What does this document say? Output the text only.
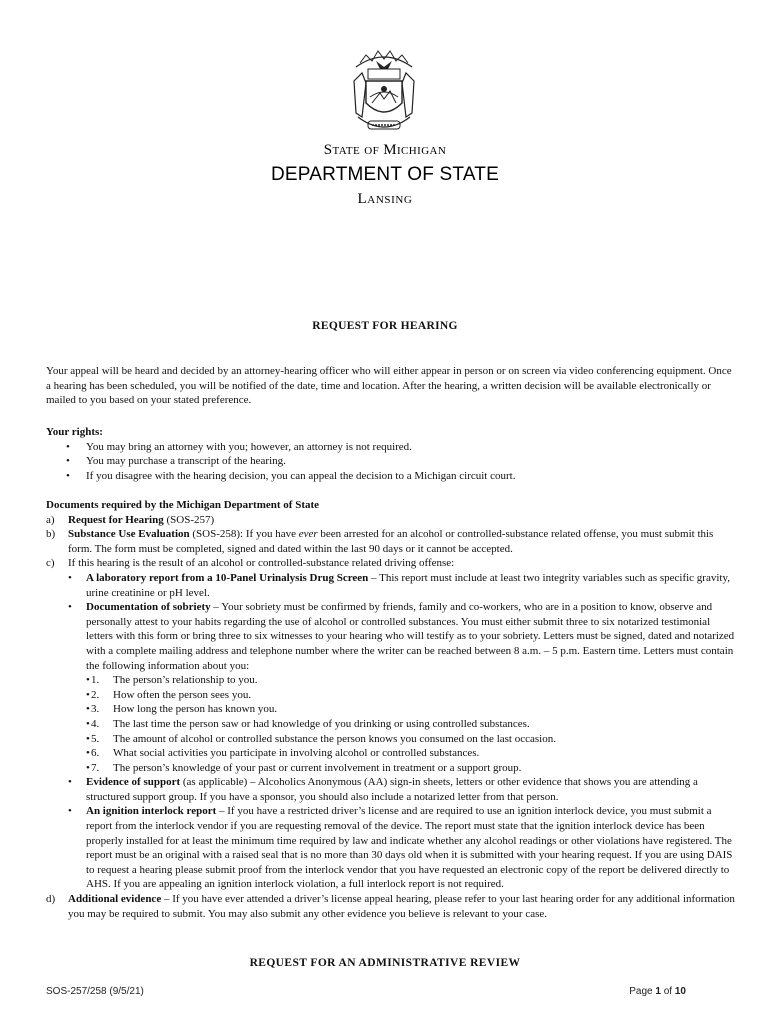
State of Michigan
DEPARTMENT OF STATE
Lansing
REQUEST FOR HEARING

Your appeal will be heard and decided by an attorney-hearing officer who will either appear in person or on screen via video conferencing equipment. Once a hearing has been scheduled, you will be notified of the date, time and location. After the hearing, a written decision will be available electronically or mailed to you based on your stated preference.

Your rights:

• You may bring an attorney with you; however, an attorney is not required.
• You may purchase a transcript of the hearing.
• If you disagree with the hearing decision, you can appeal the decision to a Michigan circuit court.

Documents required by the Michigan Department of State

a) Request for Hearing (SOS-257)
b) Substance Use Evaluation (SOS-258): If you have ever been arrested for an alcohol or controlled-substance related offense, you must submit this form. The form must be completed, signed and dated within the last 90 days or it cannot be accepted.
c) If this hearing is the result of an alcohol or controlled-substance related driving offense:
• A laboratory report from a 10-Panel Urinalysis Drug Screen – This report must include at least two integrity variables such as specific gravity, urine creatinine or pH level.
• Documentation of sobriety – Your sobriety must be confirmed by friends, family and co-workers, who are in a position to know, observe and personally attest to your habits regarding the use of alcohol or controlled substances. You must either submit three to six notarized testimonial letters with this form or bring three to six witnesses to your hearing who will testify as to your sobriety. Letters must be signed, dated and notarized with a complete mailing address and telephone number where the writer can be reached between 8 a.m. – 5 p.m. Eastern time. Letters must contain the following information about you:
• 1. The person’s relationship to you.
• 2. How often the person sees you.
• 3. How long the person has known you.
• 4. The last time the person saw or had knowledge of you drinking or using controlled substances.
• 5. The amount of alcohol or controlled substance the person knows you consumed on the last occasion.
• 6. What social activities you participate in involving alcohol or controlled substances.
• 7. The person’s knowledge of your past or current involvement in treatment or a support group.
• Evidence of support (as applicable) – Alcoholics Anonymous (AA) sign-in sheets, letters or other evidence that shows you are attending a structured support group. If you have a sponsor, you should also include a notarized letter from that person.
• An ignition interlock report – If you have a restricted driver’s license and are required to use an ignition interlock device, you must submit a report from the interlock vendor if you are requesting removal of the device. The report must state that the ignition interlock device has been properly installed for at least the minimum time required by law and indicate whether any alcohol readings or other violations have registered. The report must be an original with a raised seal that is no more than 30 days old when it is submitted with your hearing request. If you are using DAIS to request a hearing please submit proof from the interlock vendor that you have requested an electronic copy of the report be delivered directly to AHS. If you are appealing an ignition interlock violation, a full interlock report is not required.
d) Additional evidence – If you have ever attended a driver’s license appeal hearing, please refer to your last hearing order for any additional information you may be required to submit. You may also submit any other evidence you believe is relevant to your case.
REQUEST FOR AN ADMINISTRATIVE REVIEW
SOS-257/258 (9/5/21)	Page 1 of 10
